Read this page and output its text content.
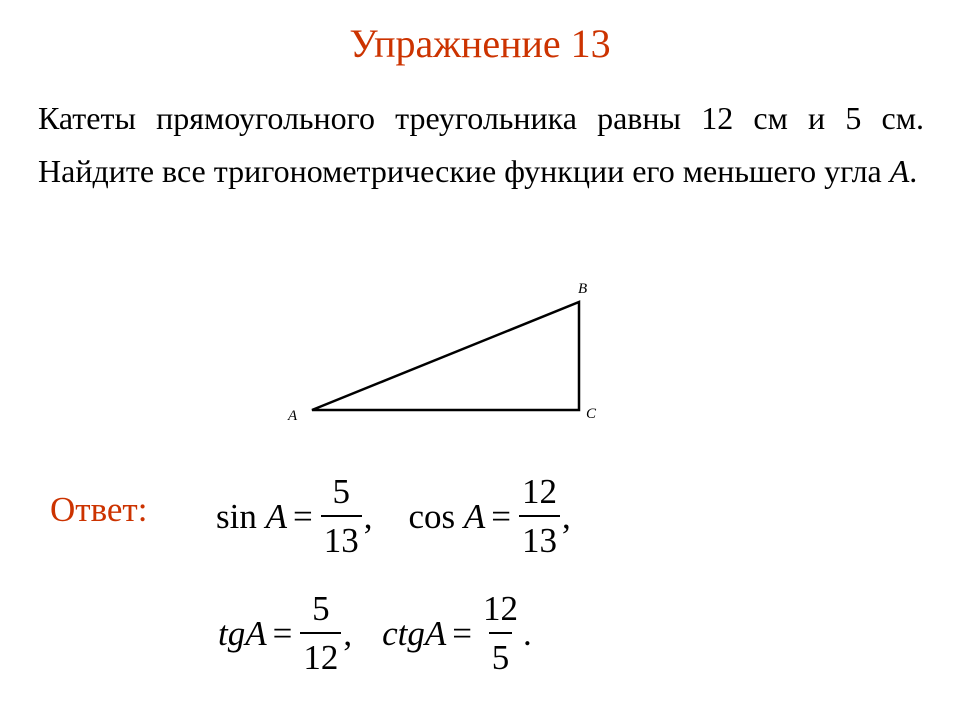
Упражнение 13
Катеты прямоугольного треугольника равны 12 см и 5 см. Найдите все тригонометрические функции его меньшего угла A.
A
B
C
Ответ: sin
$A = \frac{5}{13}$ , cos
$A = \frac{12}{13}$ ,
tgA = $\frac{5}{12}$ , ctgA = $\frac{12}{5}$ .
